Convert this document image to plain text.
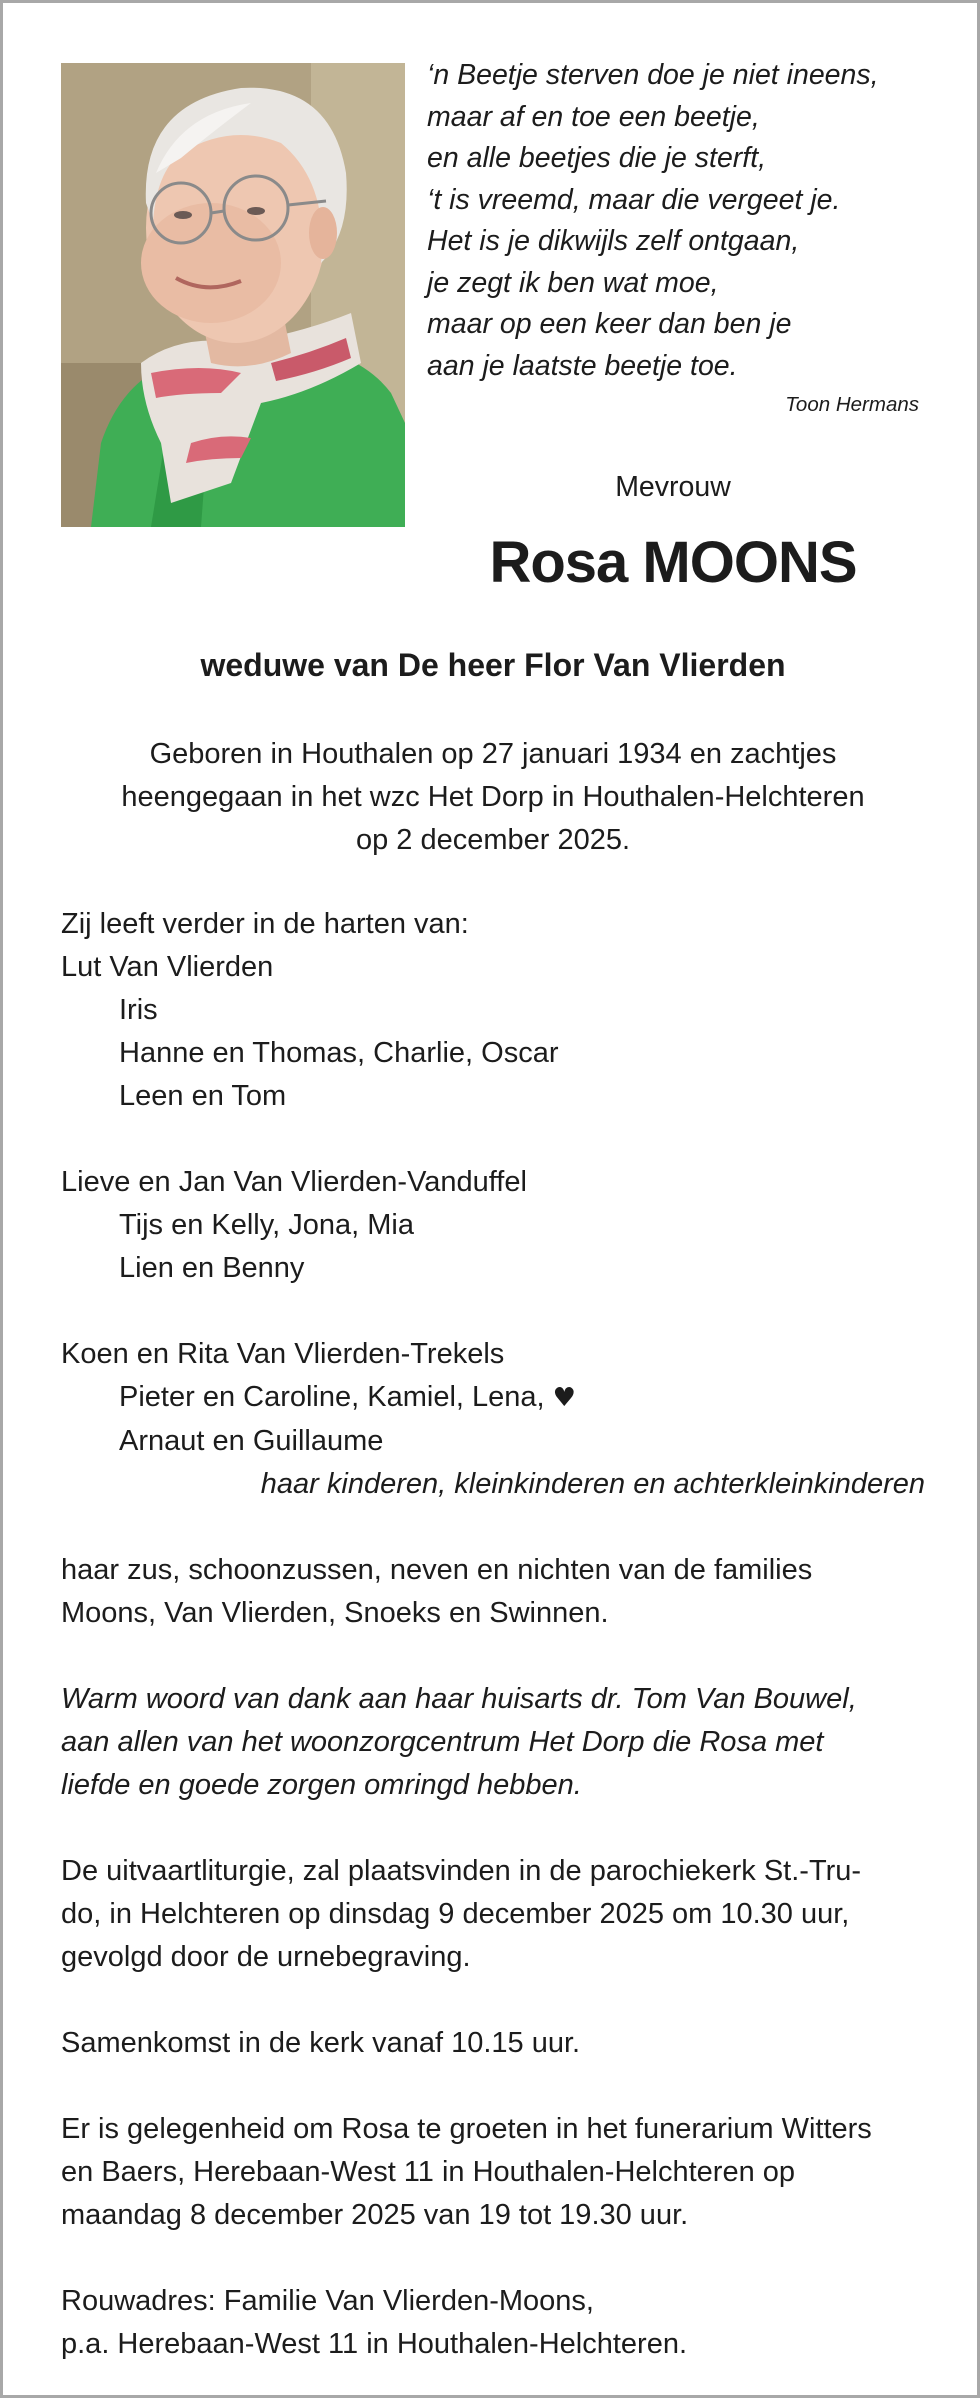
‘n Beetje sterven doe je niet ineens,
maar af en toe een beetje,
en alle beetjes die je sterft,
‘t is vreemd, maar die vergeet je.
Het is je dikwijls zelf ontgaan,
je zegt ik ben wat moe,
maar op een keer dan ben je
aan je laatste beetje toe.
Toon Hermans
Mevrouw
Rosa MOONS
weduwe van De heer Flor Van Vlierden
Geboren in Houthalen op 27 januari 1934 en zachtjes
heengegaan in het wzc Het Dorp in Houthalen-Helchteren
op 2 december 2025.
Zij leeft verder in de harten van:
Lut Van Vlierden
Iris
Hanne en Thomas, Charlie, Oscar
Leen en Tom
Lieve en Jan Van Vlierden-Vanduffel
Tijs en Kelly, Jona, Mia
Lien en Benny
Koen en Rita Van Vlierden-Trekels
Pieter en Caroline, Kamiel, Lena, ♥
Arnaut en Guillaume
haar kinderen, kleinkinderen en achterkleinkinderen
haar zus, schoonzussen, neven en nichten van de families
Moons, Van Vlierden, Snoeks en Swinnen.
Warm woord van dank aan haar huisarts dr. Tom Van Bouwel,
aan allen van het woonzorgcentrum Het Dorp die Rosa met
liefde en goede zorgen omringd hebben.
De uitvaartliturgie, zal plaatsvinden in de parochiekerk St.-Tru-
do, in Helchteren op dinsdag 9 december 2025 om 10.30 uur,
gevolgd door de urnebegraving.
Samenkomst in de kerk vanaf 10.15 uur.
Er is gelegenheid om Rosa te groeten in het funerarium Witters
en Baers, Herebaan-West 11 in Houthalen-Helchteren op
maandag 8 december 2025 van 19 tot 19.30 uur.
Rouwadres: Familie Van Vlierden-Moons,
p.a. Herebaan-West 11 in Houthalen-Helchteren.
